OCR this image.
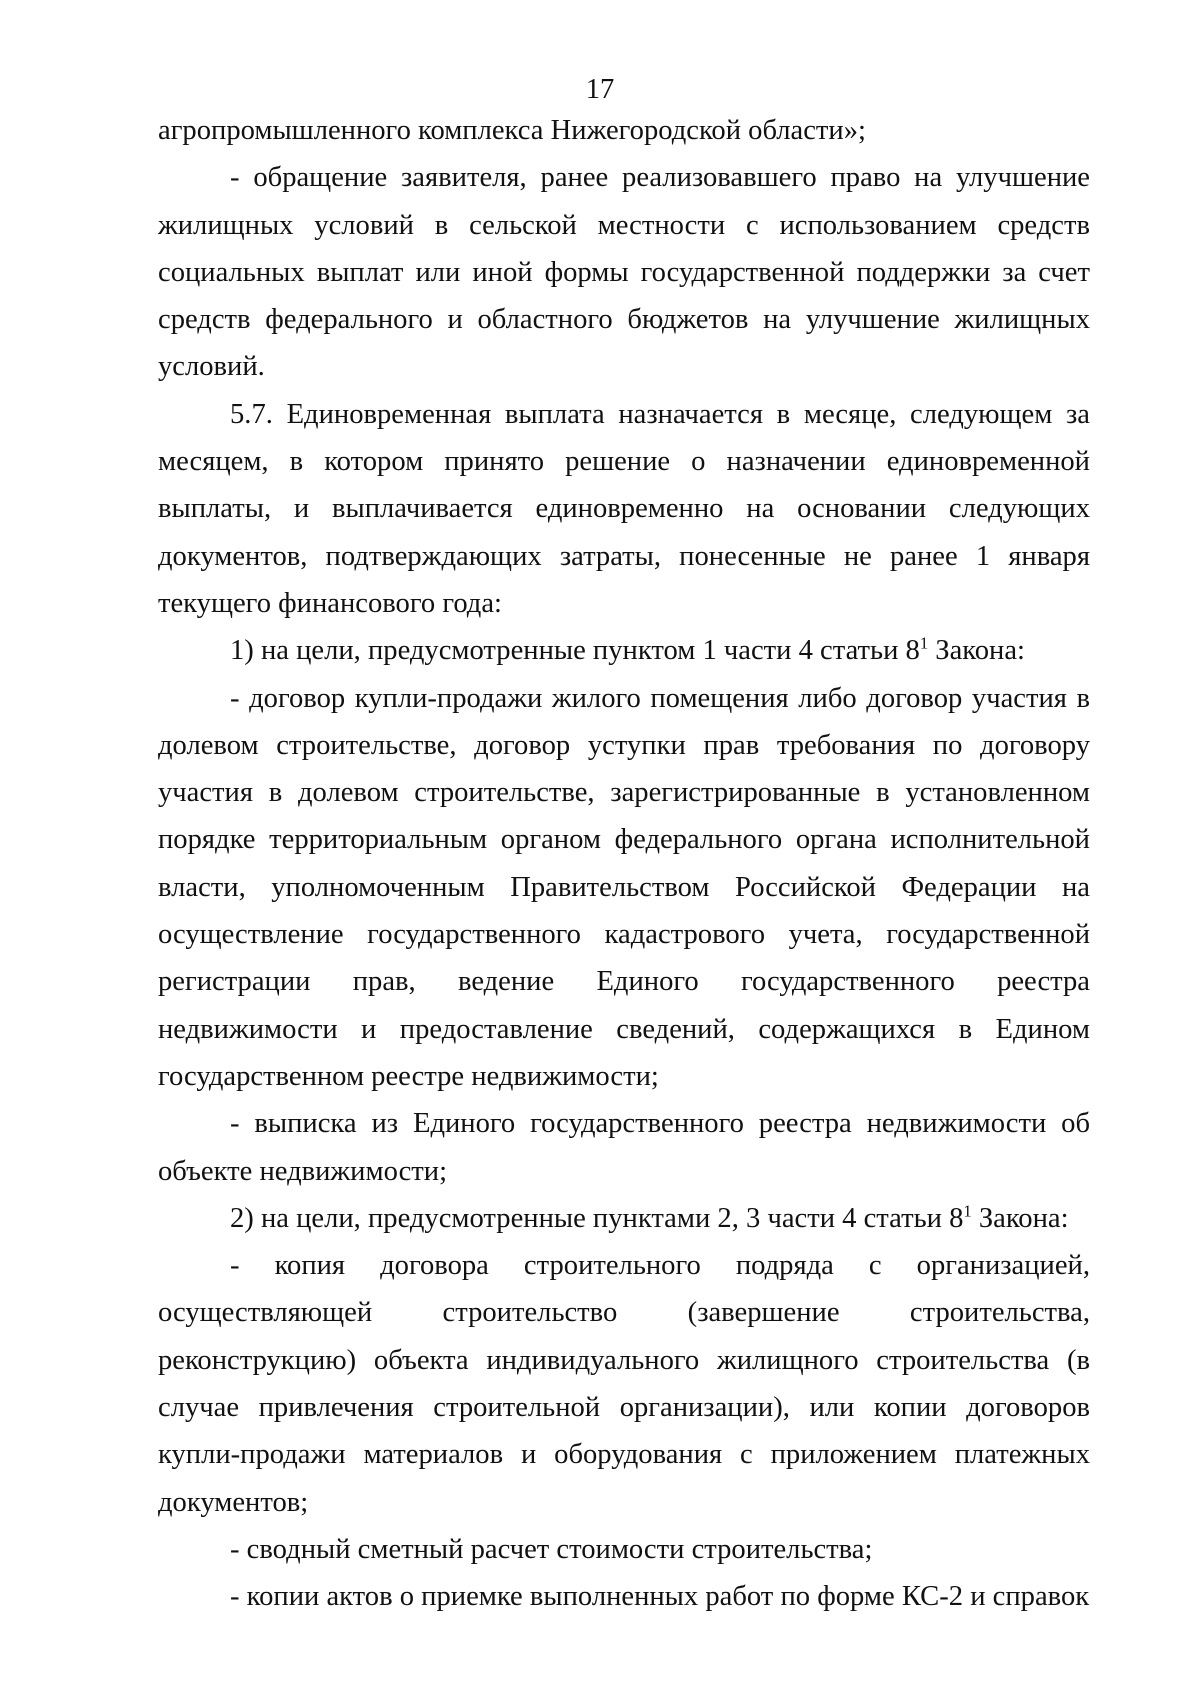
17

агропромышленного комплекса Нижегородской области»;

- обращение заявителя, ранее реализовавшего право на улучшение жилищных условий в сельской местности с использованием средств социальных выплат или иной формы государственной поддержки за счет средств федерального и областного бюджетов на улучшение жилищных условий.

5.7. Единовременная выплата назначается в месяце, следующем за месяцем, в котором принято решение о назначении единовременной выплаты, и выплачивается единовременно на основании следующих документов, подтверждающих затраты, понесенные не ранее 1 января текущего финансового года:

1) на цели, предусмотренные пунктом 1 части 4 статьи $8^1$ Закона:

- договор купли-продажи жилого помещения либо договор участия в долевом строительстве, договор уступки прав требования по договору участия в долевом строительстве, зарегистрированные в установленном порядке территориальным органом федерального органа исполнительной власти, уполномоченным Правительством Российской Федерации на осуществление государственного кадастрового учета, государственной регистрации прав, ведение Единого государственного реестра недвижимости и предоставление сведений, содержащихся в Едином государственном реестре недвижимости;

- выписка из Единого государственного реестра недвижимости об объекте недвижимости;

2) на цели, предусмотренные пунктами 2, 3 части 4 статьи $8^1$ Закона:

- копия договора строительного подряда с организацией, осуществляющей строительство (завершение строительства, реконструкцию) объекта индивидуального жилищного строительства (в случае привлечения строительной организации), или копии договоров купли-продажи материалов и оборудования с приложением платежных документов;

- сводный сметный расчет стоимости строительства;

- копии актов о приемке выполненных работ по форме КС-2 и справок
